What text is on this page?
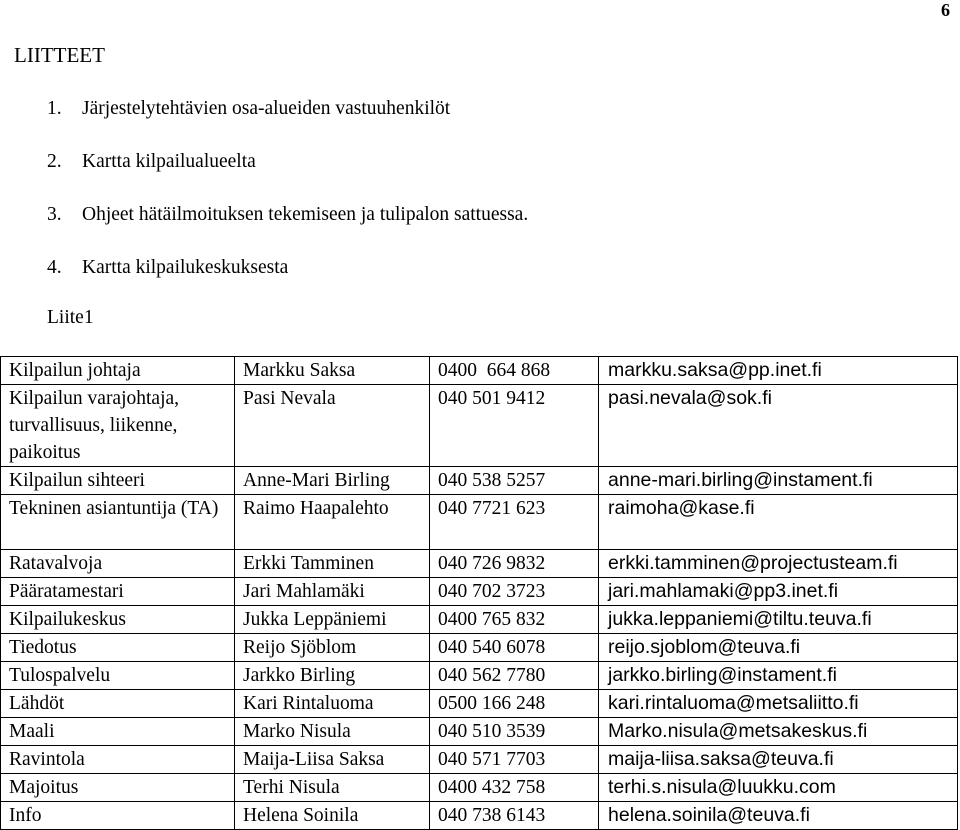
6
LIITTEET
1. Järjestelytehtävien osa-alueiden vastuuhenkilöt
2. Kartta kilpailualueelta
3. Ohjeet hätäilmoituksen tekemiseen ja tulipalon sattuessa.
4. Kartta kilpailukeskuksesta
Liite1
Kilpailun johtaja	Markku Saksa	0400  664 868	markku.saksa@pp.inet.fi
Kilpailun varajohtaja, turvallisuus, liikenne, paikoitus	Pasi Nevala	040 501 9412	pasi.nevala@sok.fi
Kilpailun sihteeri	Anne-Mari Birling	040 538 5257	anne-mari.birling@instament.fi
Tekninen asiantuntija (TA)	Raimo Haapalehto	040 7721 623	raimoha@kase.fi
Ratavalvoja	Erkki Tamminen	040 726 9832	erkki.tamminen@projectusteam.fi
Pääratamestari	Jari Mahlamäki	040 702 3723	jari.mahlamaki@pp3.inet.fi
Kilpailukeskus	Jukka Leppäniemi	0400 765 832	jukka.leppaniemi@tiltu.teuva.fi
Tiedotus	Reijo Sjöblom	040 540 6078	reijo.sjoblom@teuva.fi
Tulospalvelu	Jarkko Birling	040 562 7780	jarkko.birling@instament.fi
Lähdöt	Kari Rintaluoma	0500 166 248	kari.rintaluoma@metsaliitto.fi
Maali	Marko Nisula	040 510 3539	Marko.nisula@metsakeskus.fi
Ravintola	Maija-Liisa Saksa	040 571 7703	maija-liisa.saksa@teuva.fi
Majoitus	Terhi Nisula	0400 432 758	terhi.s.nisula@luukku.com
Info	Helena Soinila	040 738 6143	helena.soinila@teuva.fi
